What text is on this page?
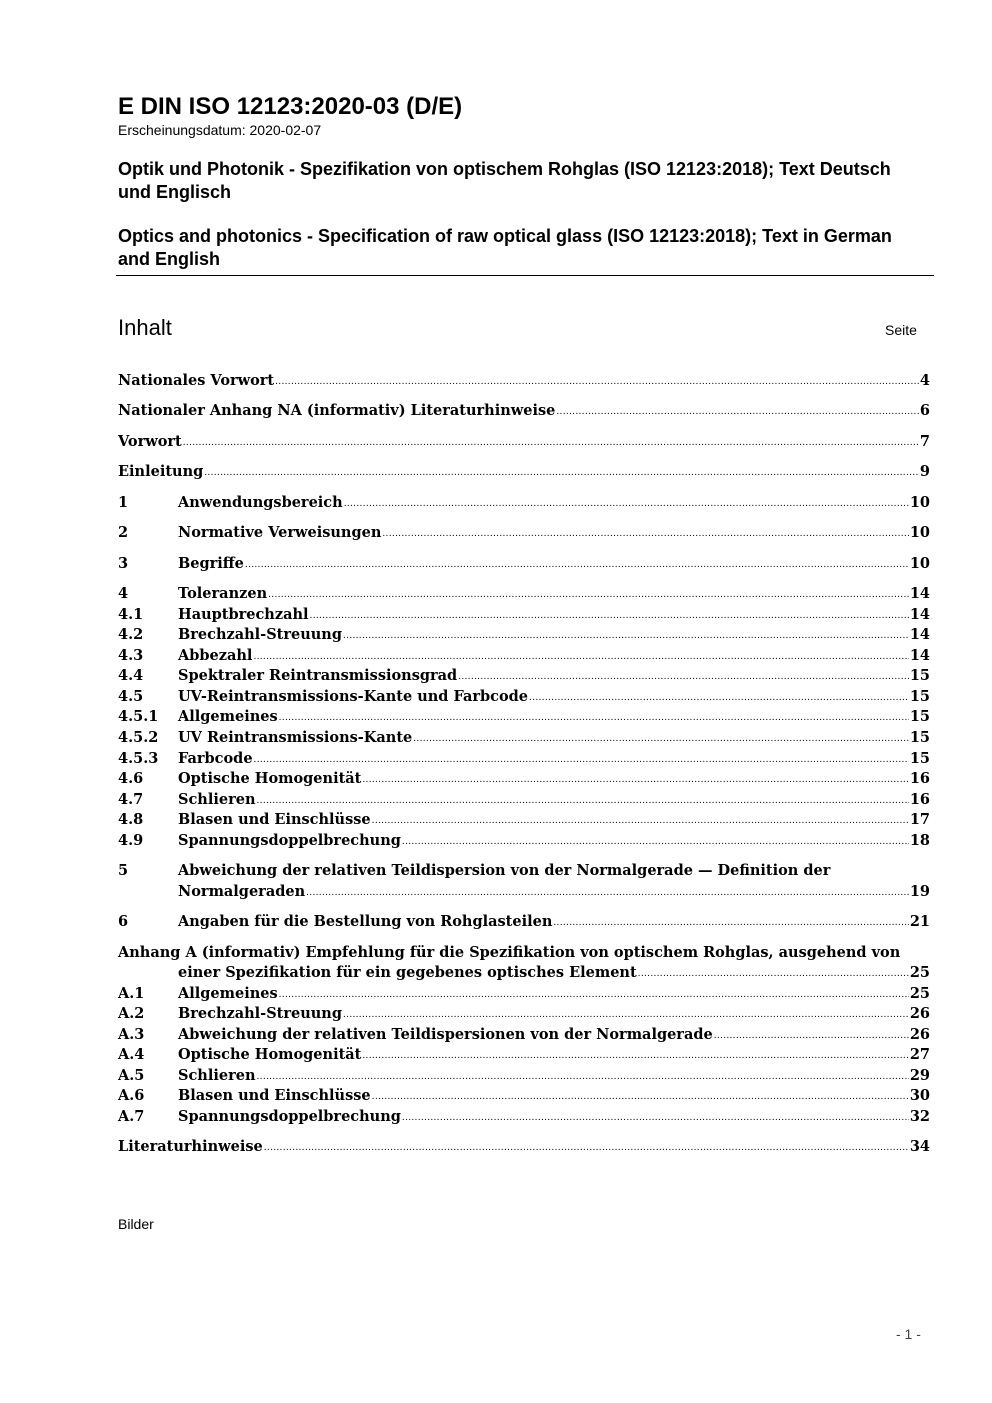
E DIN ISO 12123:2020-03 (D/E)

Erscheinungsdatum: 2020-02-07

Optik und Photonik - Spezifikation von optischem Rohglas (ISO 12123:2018); Text Deutsch und Englisch

Optics and photonics - Specification of raw optical glass (ISO 12123:2018); Text in German and English

Inhalt	Seite
Nationales Vorwort .....	4
Nationaler Anhang NA (informativ) Literaturhinweise .....	6
Vorwort .....	7
Einleitung .....	9
1	Anwendungsbereich .....	10
2	Normative Verweisungen .....	10
3	Begriffe .....	10
4	Toleranzen .....	14
4.1	Hauptbrechzahl .....	14
4.2	Brechzahl-Streuung .....	14
4.3	Abbezahl .....	14
4.4	Spektraler Reintransmissionsgrad .....	15
4.5	UV-Reintransmissions-Kante und Farbcode .....	15
4.5.1	Allgemeines .....	15
4.5.2	UV Reintransmissions-Kante .....	15
4.5.3	Farbcode .....	15
4.6	Optische Homogenität .....	16
4.7	Schlieren .....	16
4.8	Blasen und Einschlüsse .....	17
4.9	Spannungsdoppelbrechung .....	18
5	Abweichung der relativen Teildispersion von der Normalgerade — Definition der
Normalgeraden .....	19
6	Angaben für die Bestellung von Rohglasteilen .....	21
Anhang A (informativ) Empfehlung für die Spezifikation von optischem Rohglas, ausgehend von
einer Spezifikation für ein gegebenes optisches Element .....	25
A.1	Allgemeines .....	25
A.2	Brechzahl-Streuung .....	26
A.3	Abweichung der relativen Teildispersionen von der Normalgerade .....	26
A.4	Optische Homogenität .....	27
A.5	Schlieren .....	29
A.6	Blasen und Einschlüsse .....	30
A.7	Spannungsdoppelbrechung .....	32
Literaturhinweise .....	34
Bilder
- 1 -
